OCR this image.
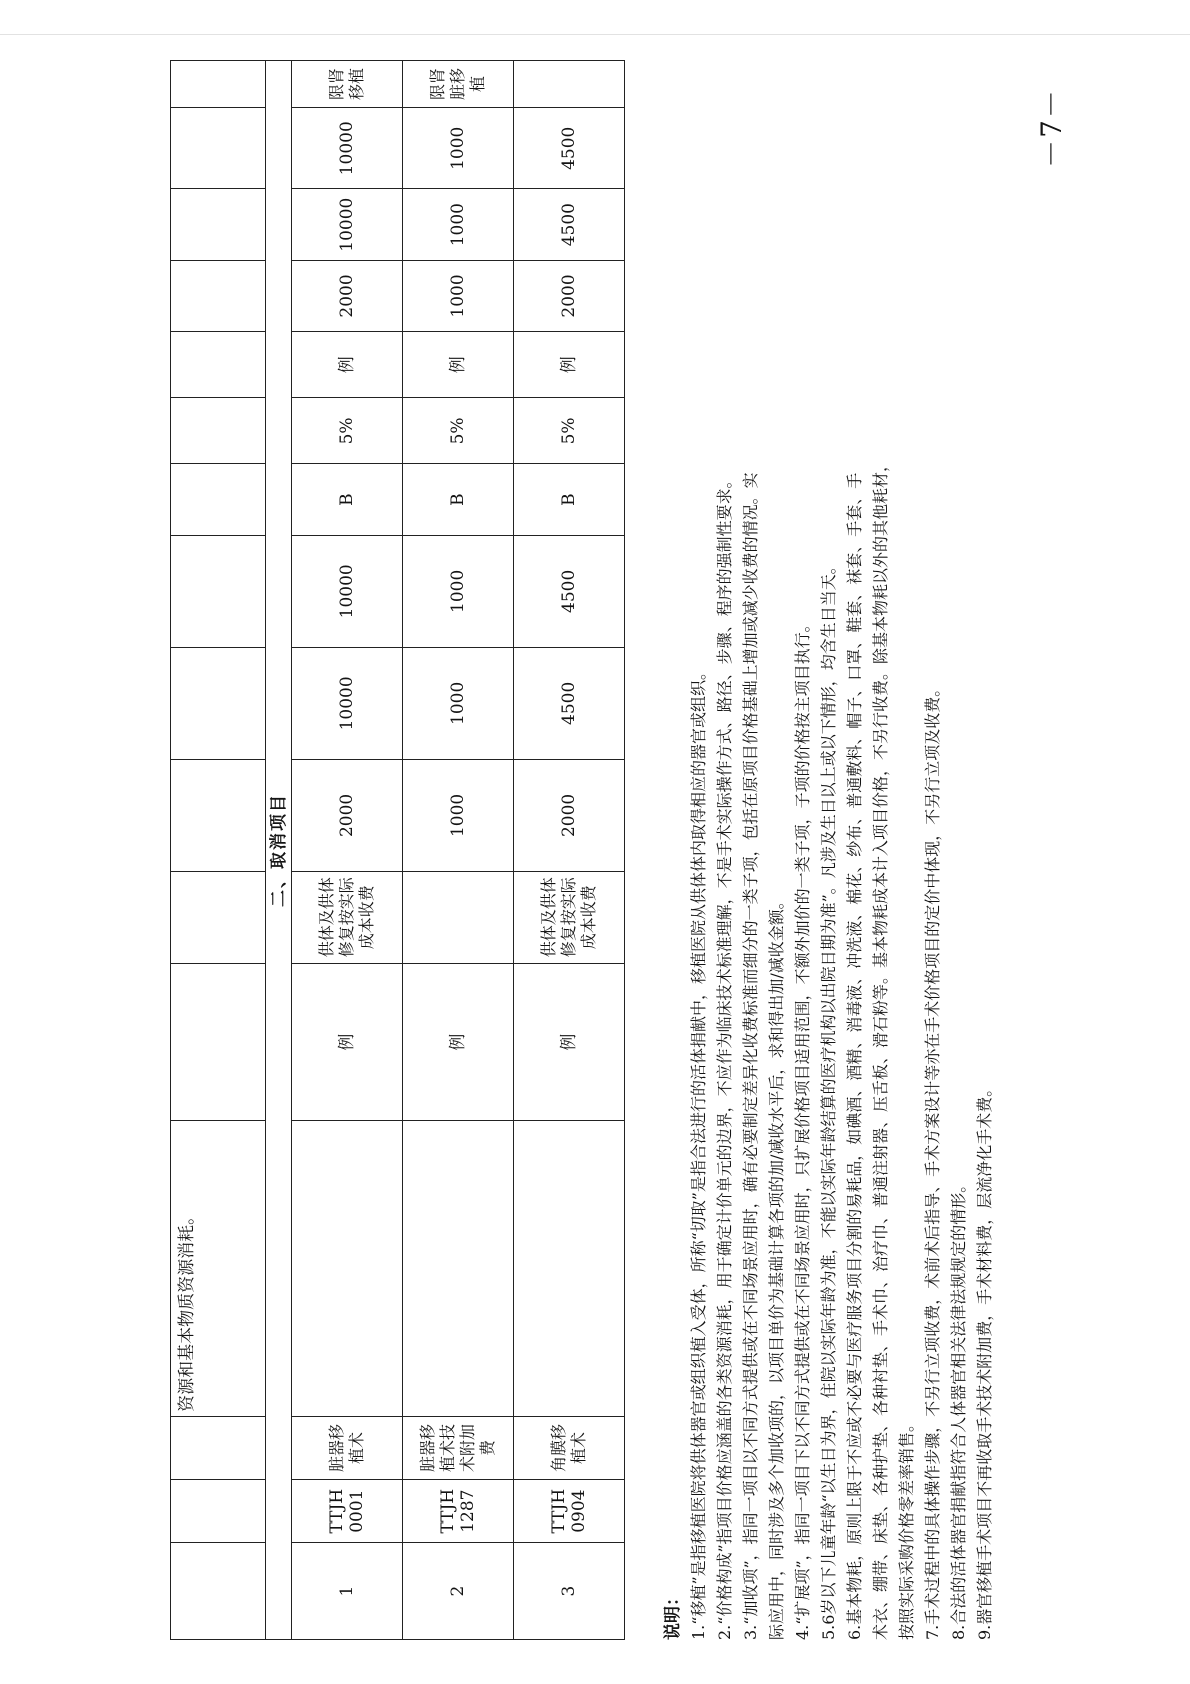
－7－
			资源和基本物质资源消耗。												
二、取消项目															
1	TTJH 0001	脏器移植术		例	供体及供体修复按实际成本收费	2000	10000	10000	B	5%	例	2000	10000	10000	限肾移植
2	TTJH 1287	脏器移植术技术附加费		例		1000	1000	1000	B	5%	例	1000	1000	1000	限肾脏移植
3	TTJH 0904	角膜移植术		例	供体及供体修复按实际成本收费	2000	4500	4500	B	5%	例	2000	4500	4500	
说明： 1.“移植”是指移植医院将供体器官或组织植入受体，所称“切取”是指合法进行的活体捐献中，移植医院从供体体内取得相应的器官或组织。 2.“价格构成”指项目价格应涵盖的各类资源消耗，用于确定计价单元的边界，不应作为临床技术标准理解，不是手术实际操作方式、路径、步骤、程序的强制性要求。 3.“加收项”，指同一项目以不同方式提供或在不同场景应用时，确有必要制定差异化收费标准而细分的一类子项，包括在原项目价格基础上增加或减少收费的情况。实 际应用中，同时涉及多个加收项的，以项目单价为基础计算各项的加/减收水平后，求和得出加/减收金额。 4.“扩展项”，指同一项目下以不同方式提供或在不同场景应用时，只扩展价格项目适用范围，不额外加价的一类子项，子项的价格按主项目执行。 5.6岁以下儿童年龄“以生日为界，住院以实际年龄为准，不能以实际年龄结算的医疗机构以出院日期为准”。凡涉及生日以上或以下情形，均含生日当天。 6.基本物耗，原则上限于不应或不必要与医疗服务项目分割的易耗品，如碘酒、酒精、消毒液、冲洗液、棉花、纱布、普通敷料、帽子、口罩、鞋套、袜套、手套、手 术衣、绷带、床垫、各种护垫、各种衬垫、手术巾、治疗巾、普通注射器、压舌板、滑石粉等。基本物耗成本计入项目价格，不另行收费。除基本物耗以外的其他耗材， 按照实际采购价格零差率销售。 7.手术过程中的具体操作步骤，不另行立项收费，术前术后指导、手术方案设计等亦在手术价格项目的定价中体现，不另行立项及收费。 8.合法的活体器官捐献指符合人体器官相关法律法规规定的情形。 9.器官移植手术项目不再收取手术技术附加费，手术材料费，层流净化手术费。
